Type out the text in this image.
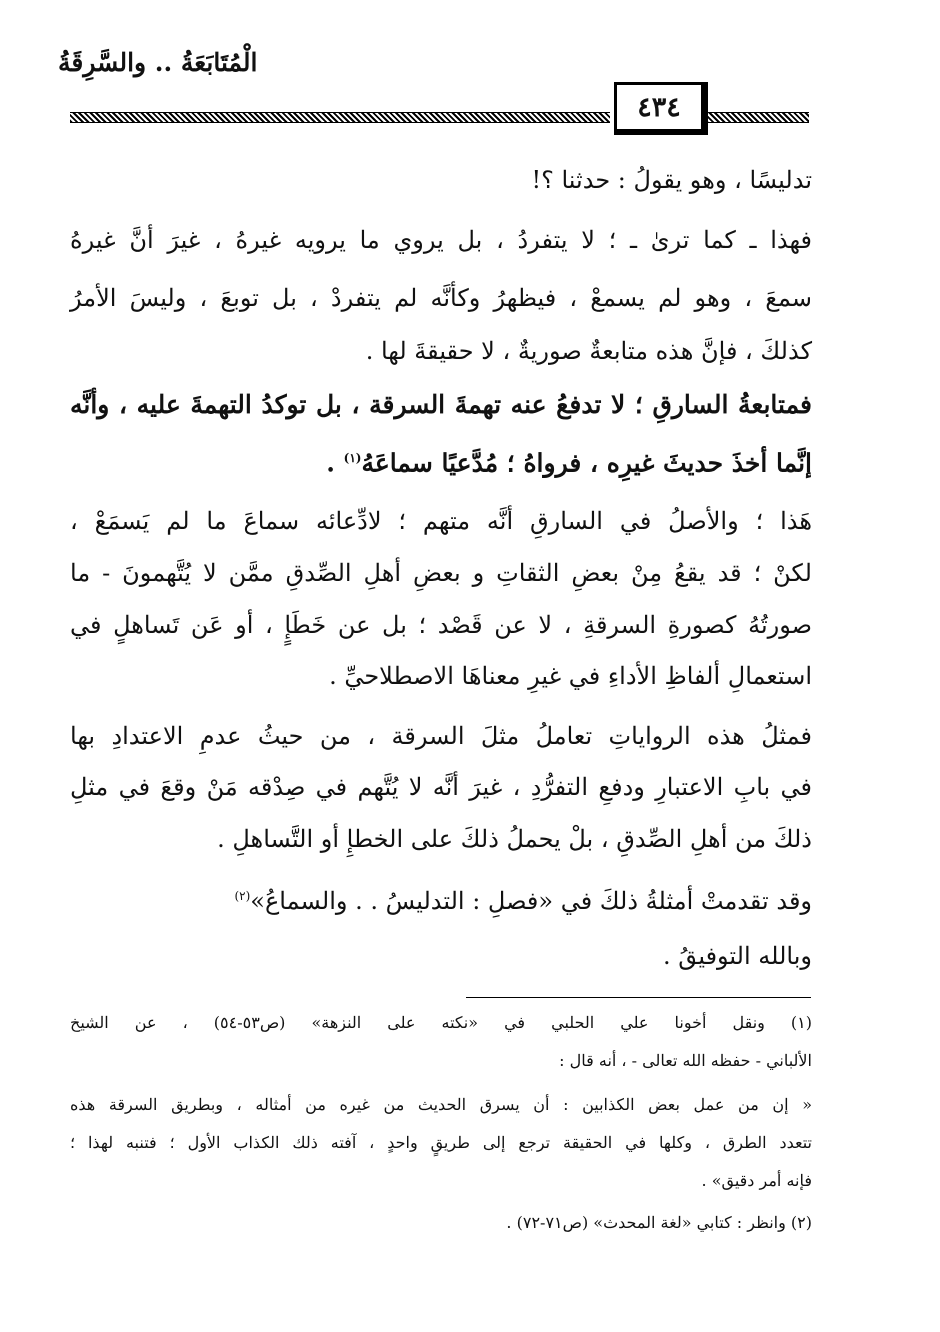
الْمُتَابَعَةُ .. والسَّرِقَةُ
٤٣٤
تدليسًا ، وهو يقولُ : حدثنا ؟!
فهذا ـ كما ترىٰ ـ ؛ لا يتفردُ ، بل يروي ما يرويه غيرهُ ، غيرَ أنَّ غيرهُ
سمعَ ، وهو لم يسمعْ ، فيظهرُ وكأنَّه لم يتفردْ ، بل توبعَ ، وليسَ الأمرُ
كذلكَ ، فإنَّ هذه متابعةٌ صوريةٌ ، لا حقيقةَ لها .
فمتابعةُ السارقِ ؛ لا تدفعُ عنه تهمةَ السرقة ، بل توكدُ التهمةَ عليه ، وأنَّه
إنَّما أخذَ حديثَ غيرِه ، فرواهُ ؛ مُدَّعيًا سماعَهُ$^{(١)}$ .
هَذا ؛ والأصلُ في السارقِ أنَّه متهم ؛ لادِّعائه سماعَ ما لم يَسمَعْ ،
لكنْ ؛ قد يقعُ مِنْ بعضِ الثقاتِ و بعضِ أهلِ الصِّدقِ ممَّن لا يُتَّهمونَ - ما
صورتُهُ كصورةِ السرقةِ ، لا عن قَصْد ؛ بل عن خَطَإٍ ، أو عَن تَساهلٍ في
استعمالِ ألفاظِ الأداءِ في غيرِ معناهَا الاصطلاحيِّ .
فمثلُ هذه الرواياتِ تعاملُ مثلَ السرقة ، من حيثُ عدمِ الاعتدادِ بها
في بابِ الاعتبارِ ودفعِ التفرُّدِ ، غيرَ أنَّه لا يُتَّهم في صِدْقه مَنْ وقعَ في مثلِ
ذلكَ من أهلِ الصِّدقِ ، بلْ يحملُ ذلكَ على الخطإِ أو التَّساهلِ .
وقد تقدمتْ أمثلةُ ذلكَ في «فصلِ : التدليسُ . . والسماعُ»$^{(٢)}$
وبالله التوفيقُ .
(١) ونقل أخونا علي الحلبي في «نكته على النزهة» (ص٥٣-٥٤) ، عن الشيخ
الألباني - حفظه الله تعالى - ، أنه قال :
« إن من عمل بعض الكذابين : أن يسرق الحديث من غيره من أمثاله ، وبطريق السرقة هذه
تتعدد الطرق ، وكلها في الحقيقة ترجع إلى طريقٍ واحدٍ ، آفته ذلك الكذاب الأول ؛ فتنبه لهذا ؛
فإنه أمر دقيق» .
(٢) وانظر : كتابي «لغة المحدث» (ص٧١-٧٢) .
